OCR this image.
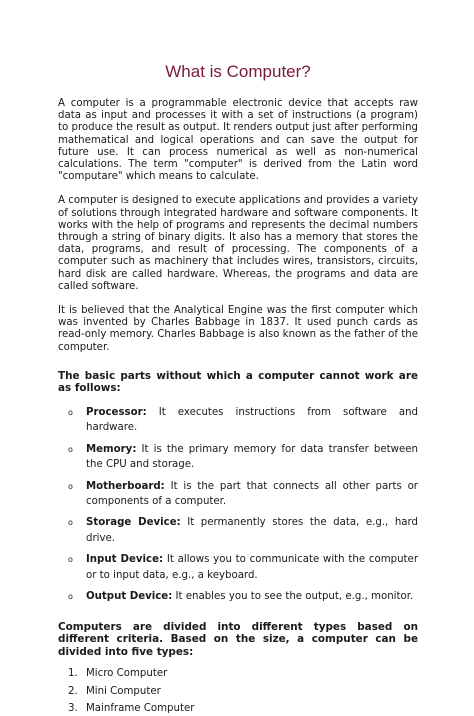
What is Computer?

A computer is a programmable electronic device that accepts raw data as input and processes it with a set of instructions (a program) to produce the result as output. It renders output just after performing mathematical and logical operations and can save the output for future use. It can process numerical as well as non-numerical calculations. The term "computer" is derived from the Latin word "computare" which means to calculate.

A computer is designed to execute applications and provides a variety of solutions through integrated hardware and software components. It works with the help of programs and represents the decimal numbers through a string of binary digits. It also has a memory that stores the data, programs, and result of processing. The components of a computer such as machinery that includes wires, transistors, circuits, hard disk are called hardware. Whereas, the programs and data are called software.

It is believed that the Analytical Engine was the first computer which was invented by Charles Babbage in 1837. It used punch cards as read-only memory. Charles Babbage is also known as the father of the computer.

The basic parts without which a computer cannot work are as follows:

o Processor: It executes instructions from software and hardware.
o Memory: It is the primary memory for data transfer between the CPU and storage.
o Motherboard: It is the part that connects all other parts or components of a computer.
o Storage Device: It permanently stores the data, e.g., hard drive.
o Input Device: It allows you to communicate with the computer or to input data, e.g., a keyboard.
o Output Device: It enables you to see the output, e.g., monitor.

Computers are divided into different types based on different criteria. Based on the size, a computer can be divided into five types:

1. Micro Computer
2. Mini Computer
3. Mainframe Computer
